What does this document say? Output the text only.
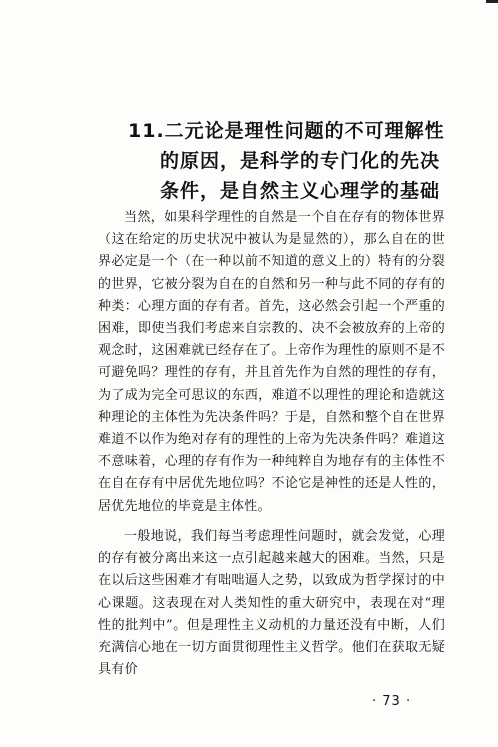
11.二元论是理性问题的不可理解性
的原因，是科学的专门化的先决
条件，是自然主义心理学的基础

当然，如果科学理性的自然是一个自在存有的物体世界（这在给定的历史状况中被认为是显然的），那么自在的世界必定是一个（在一种以前不知道的意义上的）特有的分裂的世界，它被分裂为自在的自然和另一种与此不同的存有的种类：心理方面的存有者。首先，这必然会引起一个严重的困难，即使当我们考虑来自宗教的、决不会被放弃的上帝的观念时，这困难就已经存在了。上帝作为理性的原则不是不可避免吗？理性的存有，并且首先作为自然的理性的存有，为了成为完全可思议的东西，难道不以理性的理论和造就这种理论的主体性为先决条件吗？于是，自然和整个自在世界难道不以作为绝对存有的理性的上帝为先决条件吗？难道这不意味着，心理的存有作为一种纯粹自为地存有的主体性不在自在存有中居优先地位吗？不论它是神性的还是人性的，居优先地位的毕竟是主体性。

一般地说，我们每当考虑理性问题时，就会发觉，心理的存有被分离出来这一点引起越来越大的困难。当然，只是在以后这些困难才有咄咄逼人之势，以致成为哲学探讨的中心课题。这表现在对人类知性的重大研究中，表现在对“理性的批判中”。但是理性主义动机的力量还没有中断，人们充满信心地在一切方面贯彻理性主义哲学。他们在获取无疑具有价

· 73 ·
